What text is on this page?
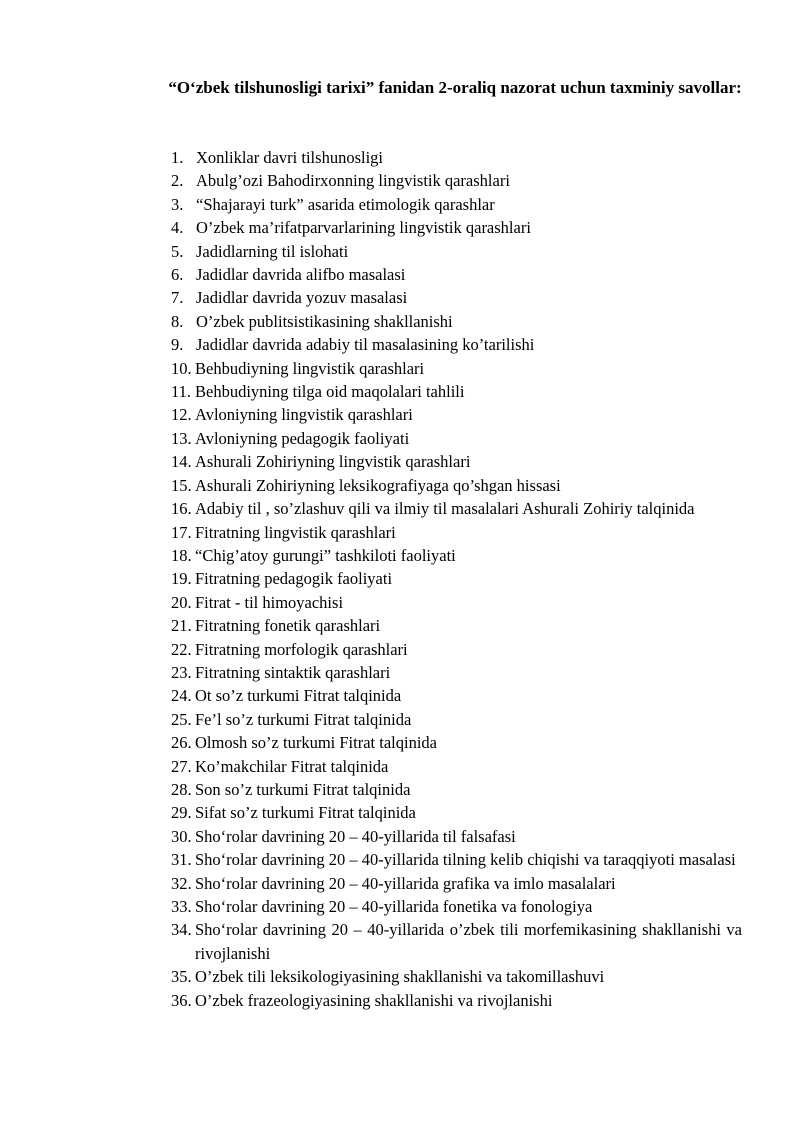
“O‘zbek tilshunosligi tarixi” fanidan 2-oraliq nazorat uchun taxminiy savollar:
1. Xonliklar davri tilshunosligi
2. Abulg’ozi Bahodirxonning lingvistik qarashlari
3. “Shajarayi turk” asarida etimologik qarashlar
4. O’zbek ma’rifatparvarlarining lingvistik qarashlari
5. Jadidlarning til islohati
6. Jadidlar davrida alifbo masalasi
7. Jadidlar davrida yozuv masalasi
8. O’zbek publitsistikasining shakllanishi
9. Jadidlar davrida adabiy til masalasining ko’tarilishi
10. Behbudiyning lingvistik qarashlari
11. Behbudiyning tilga oid maqolalari tahlili
12. Avloniyning lingvistik qarashlari
13. Avloniyning pedagogik faoliyati
14. Ashurali Zohiriyning lingvistik qarashlari
15. Ashurali Zohiriyning leksikografiyaga qo’shgan hissasi
16. Adabiy til , so’zlashuv qili va ilmiy til masalalari Ashurali Zohiriy talqinida
17. Fitratning lingvistik qarashlari
18. “Chig’atoy gurungi” tashkiloti faoliyati
19. Fitratning pedagogik faoliyati
20. Fitrat - til himoyachisi
21. Fitratning fonetik qarashlari
22. Fitratning morfologik qarashlari
23. Fitratning sintaktik qarashlari
24. Ot so’z turkumi Fitrat talqinida
25. Fe’l so’z turkumi Fitrat talqinida
26. Olmosh so’z turkumi Fitrat talqinida
27. Ko’makchilar Fitrat talqinida
28. Son so’z turkumi Fitrat talqinida
29. Sifat so’z turkumi Fitrat talqinida
30. Sho‘rolar davrining 20 – 40-yillarida til falsafasi
31. Sho‘rolar davrining 20 – 40-yillarida tilning kelib chiqishi va taraqqiyoti masalasi
32. Sho‘rolar davrining 20 – 40-yillarida grafika va imlo masalalari
33. Sho‘rolar davrining 20 – 40-yillarida fonetika va fonologiya
34. Sho‘rolar davrining 20 – 40-yillarida o’zbek tili morfemikasining shakllanishi va rivojlanishi
35. O’zbek tili leksikologiyasining shakllanishi va takomillashuvi
36. O’zbek frazeologiyasining shakllanishi va rivojlanishi
